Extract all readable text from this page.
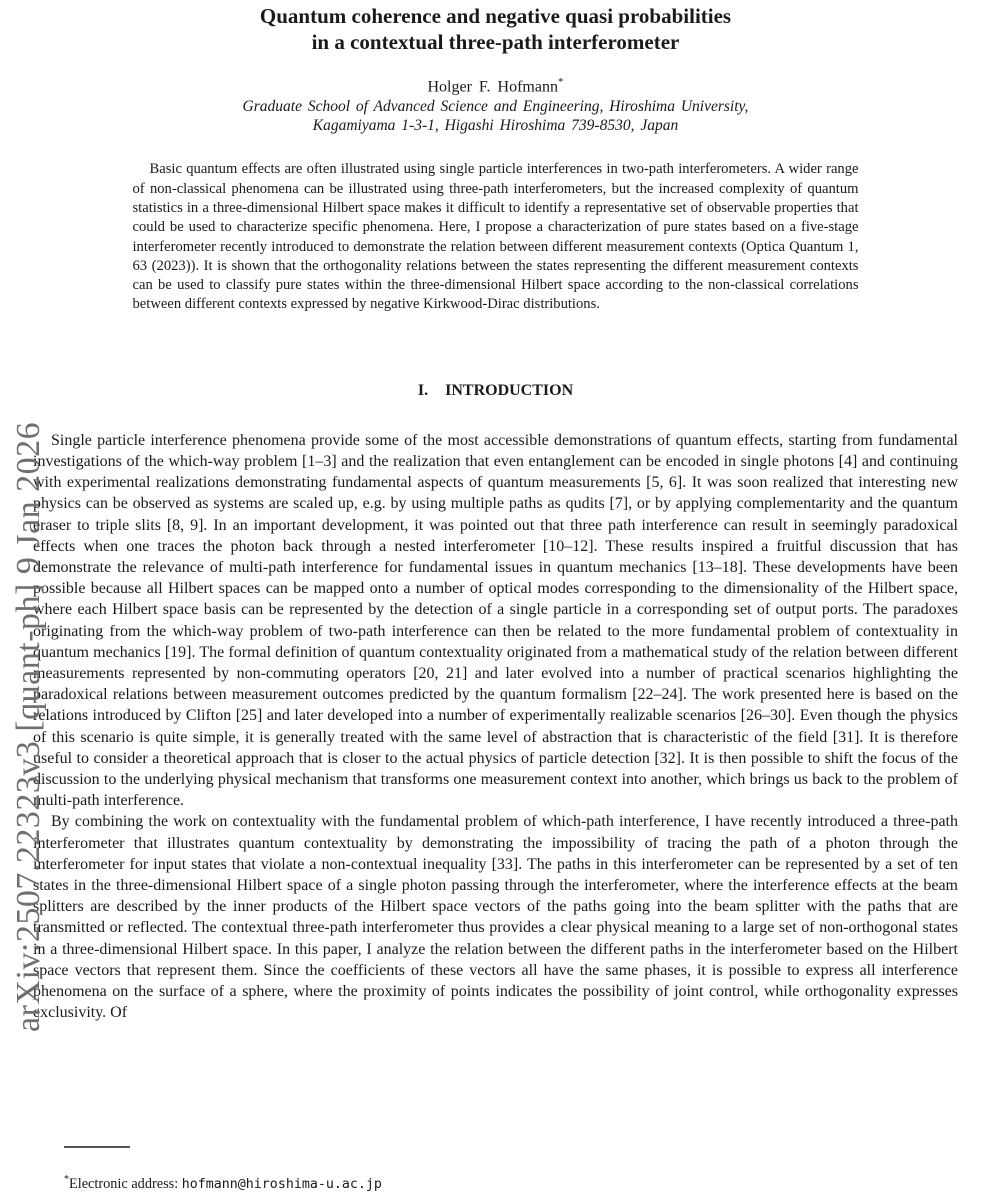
arXiv:2507.22323v3 [quant-ph] 9 Jan 2026
Quantum coherence and negative quasi probabilities
in a contextual three-path interferometer
Holger F. Hofmann*
Graduate School of Advanced Science and Engineering, Hiroshima University,
Kagamiyama 1-3-1, Higashi Hiroshima 739-8530, Japan
Basic quantum effects are often illustrated using single particle interferences in two-path interferometers. A wider range of non-classical phenomena can be illustrated using three-path interferometers, but the increased complexity of quantum statistics in a three-dimensional Hilbert space makes it difficult to identify a representative set of observable properties that could be used to characterize specific phenomena. Here, I propose a characterization of pure states based on a five-stage interferometer recently introduced to demonstrate the relation between different measurement contexts (Optica Quantum 1, 63 (2023)). It is shown that the orthogonality relations between the states representing the different measurement contexts can be used to classify pure states within the three-dimensional Hilbert space according to the non-classical correlations between different contexts expressed by negative Kirkwood-Dirac distributions.
I. INTRODUCTION

Single particle interference phenomena provide some of the most accessible demonstrations of quantum effects, starting from fundamental investigations of the which-way problem [1–3] and the realization that even entanglement can be encoded in single photons [4] and continuing with experimental realizations demonstrating fundamental aspects of quantum measurements [5, 6]. It was soon realized that interesting new physics can be observed as systems are scaled up, e.g. by using multiple paths as qudits [7], or by applying complementarity and the quantum eraser to triple slits [8, 9]. In an important development, it was pointed out that three path interference can result in seemingly paradoxical effects when one traces the photon back through a nested interferometer [10–12]. These results inspired a fruitful discussion that has demonstrate the relevance of multi-path interference for fundamental issues in quantum mechanics [13–18]. These developments have been possible because all Hilbert spaces can be mapped onto a number of optical modes corresponding to the dimensionality of the Hilbert space, where each Hilbert space basis can be represented by the detection of a single particle in a corresponding set of output ports. The paradoxes originating from the which-way problem of two-path interference can then be related to the more fundamental problem of contextuality in quantum mechanics [19]. The formal definition of quantum contextuality originated from a mathematical study of the relation between different measurements represented by non-commuting operators [20, 21] and later evolved into a number of practical scenarios highlighting the paradoxical relations between measurement outcomes predicted by the quantum formalism [22–24]. The work presented here is based on the relations introduced by Clifton [25] and later developed into a number of experimentally realizable scenarios [26–30]. Even though the physics of this scenario is quite simple, it is generally treated with the same level of abstraction that is characteristic of the field [31]. It is therefore useful to consider a theoretical approach that is closer to the actual physics of particle detection [32]. It is then possible to shift the focus of the discussion to the underlying physical mechanism that transforms one measurement context into another, which brings us back to the problem of multi-path interference.

By combining the work on contextuality with the fundamental problem of which-path interference, I have recently introduced a three-path interferometer that illustrates quantum contextuality by demonstrating the impossibility of tracing the path of a photon through the interferometer for input states that violate a non-contextual inequality [33]. The paths in this interferometer can be represented by a set of ten states in the three-dimensional Hilbert space of a single photon passing through the interferometer, where the interference effects at the beam splitters are described by the inner products of the Hilbert space vectors of the paths going into the beam splitter with the paths that are transmitted or reflected. The contextual three-path interferometer thus provides a clear physical meaning to a large set of non-orthogonal states in a three-dimensional Hilbert space. In this paper, I analyze the relation between the different paths in the interferometer based on the Hilbert space vectors that represent them. Since the coefficients of these vectors all have the same phases, it is possible to express all interference phenomena on the surface of a sphere, where the proximity of points indicates the possibility of joint control, while orthogonality expresses exclusivity. Of

*Electronic address: hofmann@hiroshima-u.ac.jp
